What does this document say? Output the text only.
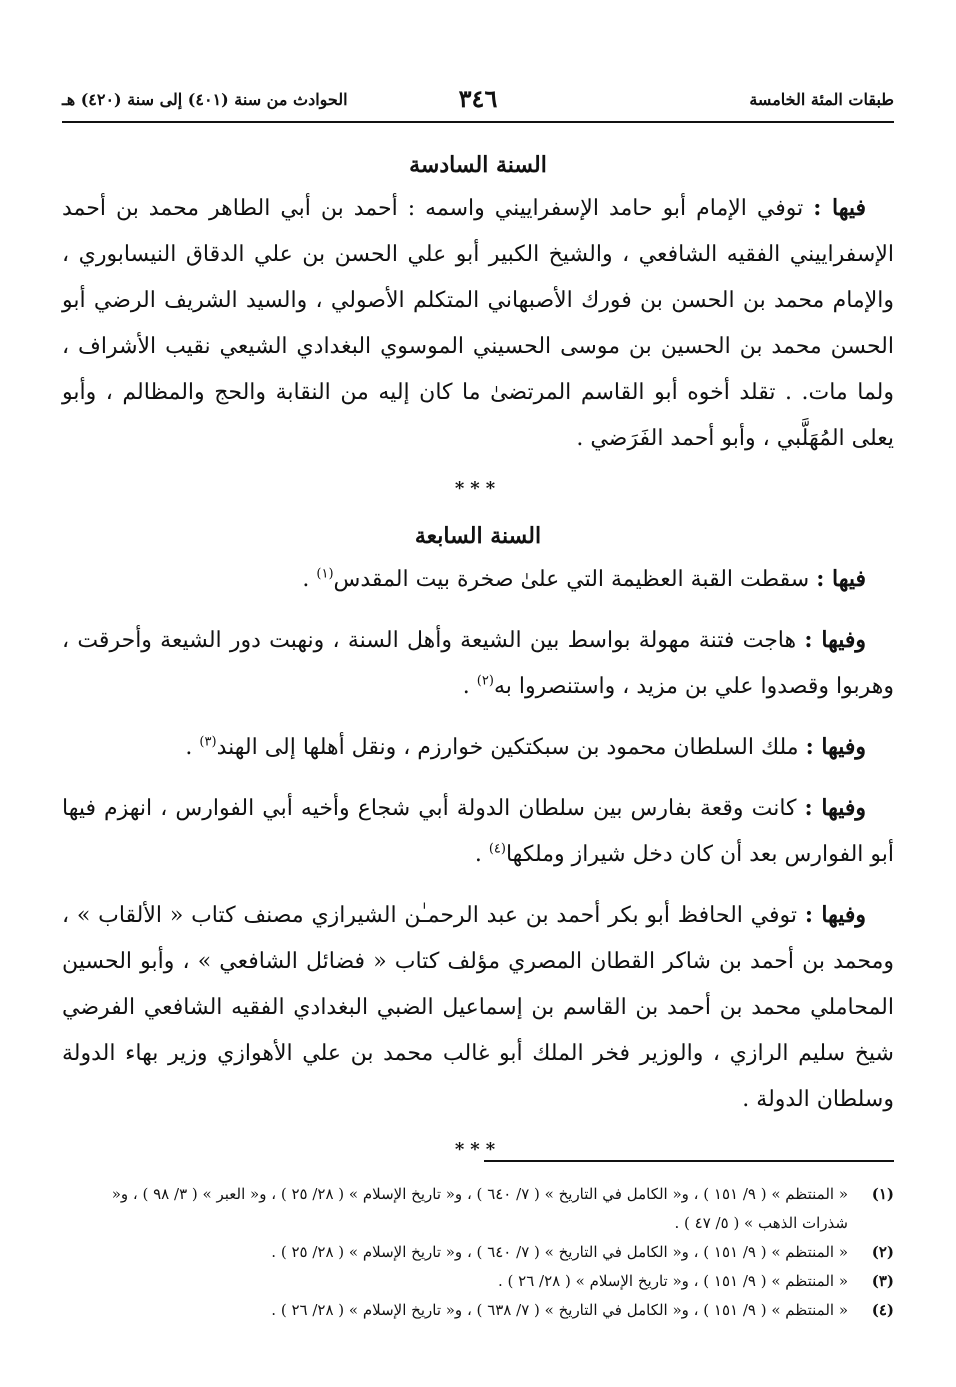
طبقات المئة الخامسة
٣٤٦
الحوادث من سنة (٤٠١) إلى سنة (٤٢٠) هـ

السنة السادسة

فيها : توفي الإمام أبو حامد الإسفراييني واسمه : أحمد بن أبي الطاهر محمد بن أحمد الإسفراييني الفقيه الشافعي ، والشيخ الكبير أبو علي الحسن بن علي الدقاق النيسابوري ، والإمام محمد بن الحسن بن فورك الأصبهاني المتكلم الأصولي ، والسيد الشريف الرضي أبو الحسن محمد بن الحسين بن موسى الحسيني الموسوي البغدادي الشيعي نقيب الأشراف ، ولما مات. . تقلد أخوه أبو القاسم المرتضىٰ ما كان إليه من النقابة والحج والمظالم ، وأبو يعلى المُهَلَّبي ، وأبو أحمد الفَرَضي .

***

السنة السابعة

فيها : سقطت القبة العظيمة التي علىٰ صخرة بيت المقدس$^{(١)}$ .

وفيها : هاجت فتنة مهولة بواسط بين الشيعة وأهل السنة ، ونهبت دور الشيعة وأحرقت ، وهربوا وقصدوا علي بن مزيد ، واستنصروا به$^{(٢)}$ .

وفيها : ملك السلطان محمود بن سبكتكين خوارزم ، ونقل أهلها إلى الهند$^{(٣)}$ .

وفيها : كانت وقعة بفارس بين سلطان الدولة أبي شجاع وأخيه أبي الفوارس ، انهزم فيها أبو الفوارس بعد أن كان دخل شيراز وملكها$^{(٤)}$ .

وفيها : توفي الحافظ أبو بكر أحمد بن عبد الرحمـٰن الشيرازي مصنف كتاب « الألقاب » ، ومحمد بن أحمد بن شاكر القطان المصري مؤلف كتاب « فضائل الشافعي » ، وأبو الحسين المحاملي محمد بن أحمد بن القاسم بن إسماعيل الضبي البغدادي الفقيه الشافعي الفرضي شيخ سليم الرازي ، والوزير فخر الملك أبو غالب محمد بن علي الأهوازي وزير بهاء الدولة وسلطان الدولة .

***

(١)
« المنتظم » ( ٩/ ١٥١ ) ، و« الكامل في التاريخ » ( ٧/ ٦٤٠ ) ، و« تاريخ الإسلام » ( ٢٨/ ٢٥ ) ، و« العبر » ( ٣/ ٩٨ ) ، و« شذرات الذهب » ( ٥/ ٤٧ ) .

(٢)
« المنتظم » ( ٩/ ١٥١ ) ، و« الكامل في التاريخ » ( ٧/ ٦٤٠ ) ، و« تاريخ الإسلام » ( ٢٨/ ٢٥ ) .

(٣)
« المنتظم » ( ٩/ ١٥١ ) ، و« تاريخ الإسلام » ( ٢٨/ ٢٦ ) .

(٤)
« المنتظم » ( ٩/ ١٥١ ) ، و« الكامل في التاريخ » ( ٧/ ٦٣٨ ) ، و« تاريخ الإسلام » ( ٢٨/ ٢٦ ) .
